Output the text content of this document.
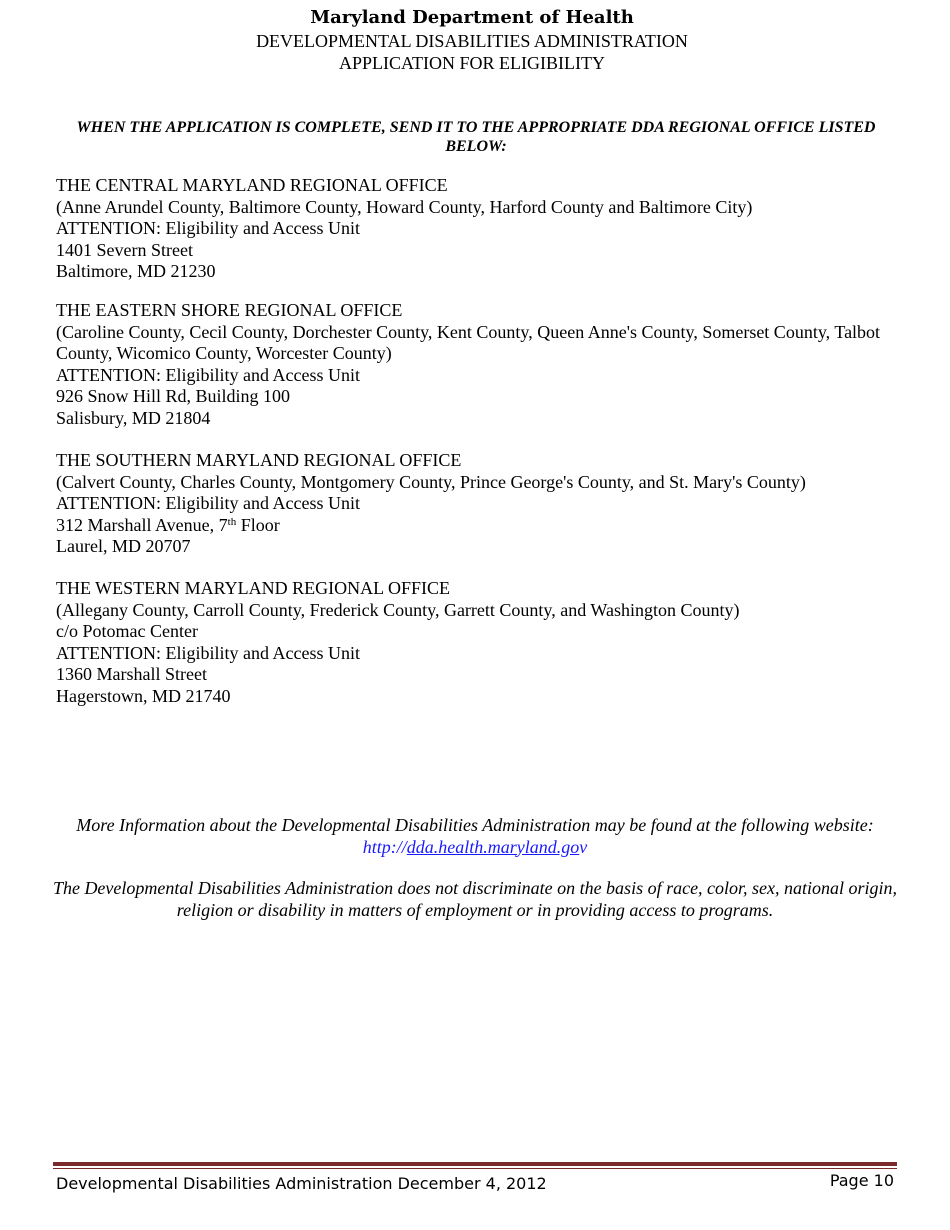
Maryland Department of Health
DEVELOPMENTAL DISABILITIES ADMINISTRATION
APPLICATION FOR ELIGIBILITY
WHEN THE APPLICATION IS COMPLETE, SEND IT TO THE APPROPRIATE DDA REGIONAL OFFICE LISTED BELOW:
THE CENTRAL MARYLAND REGIONAL OFFICE
(Anne Arundel County, Baltimore County, Howard County, Harford County and Baltimore City)
ATTENTION: Eligibility and Access Unit
1401 Severn Street
Baltimore, MD 21230
THE EASTERN SHORE REGIONAL OFFICE
(Caroline County, Cecil County, Dorchester County, Kent County, Queen Anne's County, Somerset County, Talbot County, Wicomico County, Worcester County)
ATTENTION: Eligibility and Access Unit
926 Snow Hill Rd, Building 100
Salisbury, MD 21804
THE SOUTHERN MARYLAND REGIONAL OFFICE
(Calvert County, Charles County, Montgomery County, Prince George's County, and St. Mary's County)
ATTENTION: Eligibility and Access Unit
312 Marshall Avenue, 7th Floor
Laurel, MD 20707
THE WESTERN MARYLAND REGIONAL OFFICE
(Allegany County, Carroll County, Frederick County, Garrett County, and Washington County)
c/o Potomac Center
ATTENTION: Eligibility and Access Unit
1360 Marshall Street
Hagerstown, MD 21740
More Information about the Developmental Disabilities Administration may be found at the following website:
http://dda.health.maryland.gov
The Developmental Disabilities Administration does not discriminate on the basis of race, color, sex, national origin, religion or disability in matters of employment or in providing access to programs.
Developmental Disabilities Administration December 4, 2012	Page 10
